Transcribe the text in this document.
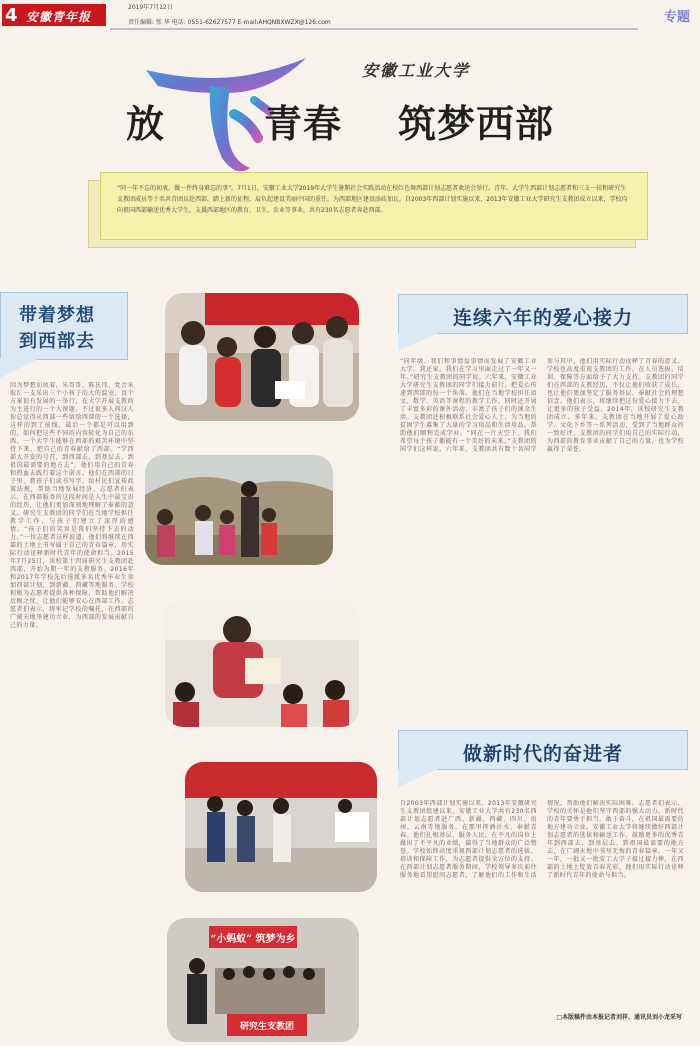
4 安徽青年报
2019年7月12日
责任编辑: 张 华 电话: 0551-62627577 E-mail:AHQNBXWZX@126.com	专题
安徽工业大学
放	青春 筑梦西部
“同一年不忘的初衷，做一件终身难忘的事”。7月1日，安徽工业大学2019年大学生暑期社会实践活动在校红色舞西部计划志愿者欢送会举行。青年。大学生西部计划志愿者和三支一扶和研究生支教团成员等十名共青团员赴西部，踏上新的征程，肩负起建设美丽中国的重任，为西部地区建设添砖加瓦。自2003年西部计划实施以来，2013年安徽工业大学研究生支教团成立以来，学校均向祖国西部输送优秀大学生，支援西部地区的教育、卫生、农业等事业，共有230名志愿者奔赴西部。
带着梦想
到西部去
因为梦想而执着，朱哥哥、陈氏伟、党会采取汇一支采出三个小孩子的大的温室，真个方案很有发展的一举行，在大学开展支教的为主进行的一个大课题。不过很多人问汉人你总觉得从西部一些留给西部的一个选择，这样的到了前线，最后一个都是可以用到的，如何把这些不同的内容转化为自己的东西。一个大学生能够在西部的艰苦环境中坚持下来，把自己的青春献给了西部。“学西部大开发的号召，到西部去、到基层去、到祖国最需要的地方去”，他们用自己的青春和热血去践行着这个诺言。他们在西部的日子里，教孩子们读书写字，给村民们宣传政策法规，帮助当地发展经济。志愿者们表示，在西部服务的这段时间是人生中最宝贵的经历，让他们更加深刻地理解了奉献的意义。研究生支教团的同学们在当地学校担任教学工作，与孩子们建立了深厚的感情。“孩子们的笑容是我们坚持下去的动力。”一位志愿者这样说道。他们将继续在西部的土地上书写属于自己的青春篇章，用实际行动诠释新时代青年的使命担当。2015年7月25日，该校第十四届研究生支教团赴西部，开始为期一年的支教服务。2016年和2017年学校先后选派多名优秀毕业生参加西部计划，到新疆、西藏等地服务。学校积极为志愿者提供各种保障，帮助他们解决后顾之忧，让他们能够安心在西部工作。志愿者们表示，将牢记学校的嘱托，在西部的广阔天地里建功立业，为西部的发展贡献自己的力量。
“小蚂蚁” 筑梦为乡
研究生支教团
连续六年的爱心接力
“同年级、我们和事情爱事情而发展了安徽工业大学。我还家，我们在学习里面走过了一年又一年。”研究生支教团的同学说。六年来，安徽工业大学研究生支教团的同学们接力前行，把爱心传递到西部的每一个角落。他们在当地学校担任语文、数学、英语等课程的教学工作，同时还开展了丰富多彩的课外活动，丰富了孩子们的课余生活。支教团还积极联系社会爱心人士，为当地的贫困学生募集了大量的学习用品和生活用品，帮助他们顺利完成学业。“同在一片天空下，我们希望每个孩子都能有一个美好的未来。”支教团的同学们这样说。六年来，支教团共有数十名同学参与其中，他们用实际行动诠释了青春的意义。学校也高度重视支教团的工作，在人员选拔、培训、保障等方面给予了大力支持。支教团的同学们在西部的支教经历，不仅让他们收获了成长，也让他们更加坚定了服务基层、奉献社会的理想信念。他们表示，将继续把这份爱心接力下去，让更多的孩子受益。2014年，该校研究生支教团成立。多年来，支教团在当地开展了爱心助学、文化下乡等一系列活动，受到了当地群众的一致好评。支教团的同学们用自己的实际行动，为西部的教育事业贡献了自己的力量，也为学校赢得了荣誉。
做新时代的奋进者
自2003年西部计划实施以来，2013年安徽研究生支教团组建以来，安徽工业大学共有230名西部计划志愿者赴广西、新疆、西藏、四川、贵州、云南等地服务，在那里挥洒汗水、奉献青春。他们扎根基层、服务人民，在平凡的岗位上做出了不平凡的业绩，赢得了当地群众的广泛赞誉。学校始终高度重视西部计划志愿者的选拔、培训和保障工作，为志愿者提供全方位的支持。在西部计划志愿者服务期间，学校领导多次前往服务地看望慰问志愿者，了解他们的工作和生活情况，帮助他们解决实际困难。志愿者们表示，学校的关怀是他们坚守西部的强大动力。新时代的青年要勇于担当、敢于奋斗，在祖国最需要的地方建功立业。安徽工业大学将继续做好西部计划志愿者的选拔和输送工作，鼓励更多的优秀青年到西部去、到基层去、到祖国最需要的地方去，在广阔天地中书写无悔的青春篇章。一年又一年，一批又一批安工大学子接过接力棒，在西部的土地上绽放青春光彩，他们用实际行动诠释了新时代青年的使命与担当。
□本版稿件由本报记者刘祥、通讯员刘小龙采写
